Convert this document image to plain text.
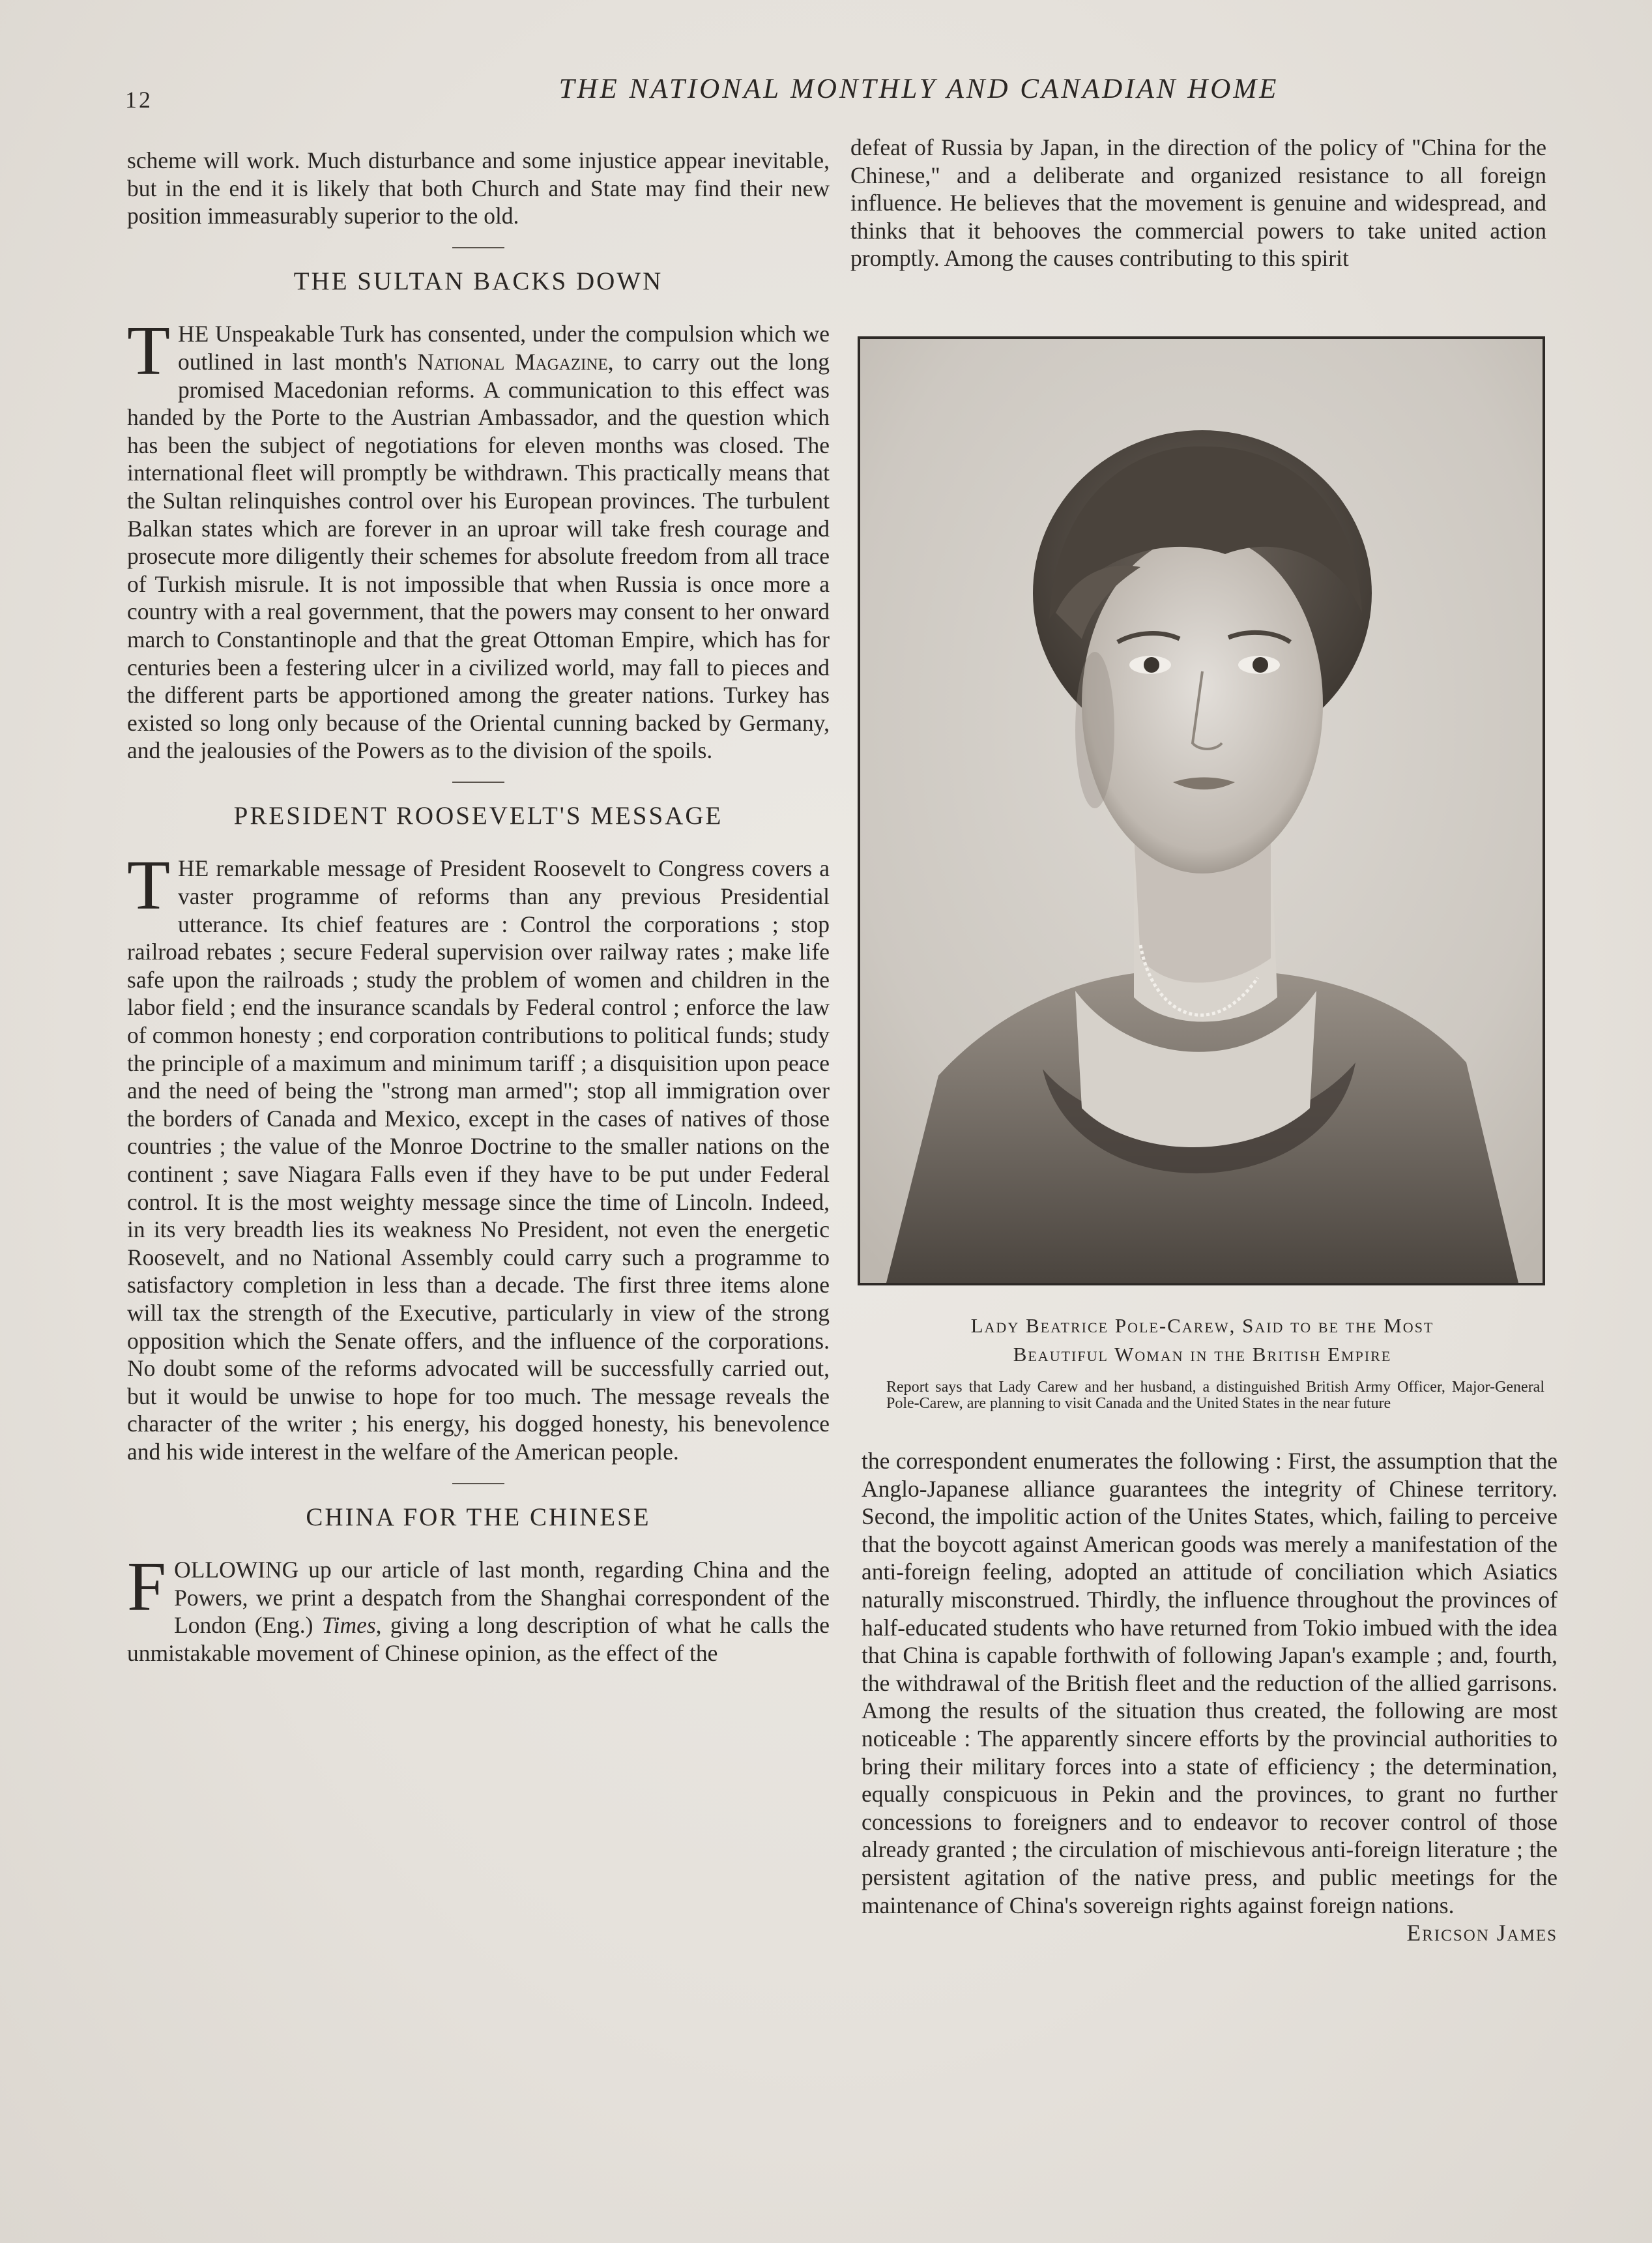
12	THE NATIONAL MONTHLY AND CANADIAN HOME

scheme will work. Much disturbance and some injustice appear inevitable, but in the end it is likely that both Church and State may find their new position immeasurably superior to the old.

THE SULTAN BACKS DOWN

THE Unspeakable Turk has consented, under the compulsion which we outlined in last month's National Magazine, to carry out the long promised Macedonian reforms. A communication to this effect was handed by the Porte to the Austrian Ambassador, and the question which has been the subject of negotiations for eleven months was closed. The international fleet will promptly be withdrawn. This practically means that the Sultan relinquishes control over his European provinces. The turbulent Balkan states which are forever in an uproar will take fresh courage and prosecute more diligently their schemes for absolute freedom from all trace of Turkish misrule. It is not impossible that when Russia is once more a country with a real government, that the powers may consent to her onward march to Constantinople and that the great Ottoman Empire, which has for centuries been a festering ulcer in a civilized world, may fall to pieces and the different parts be apportioned among the greater nations. Turkey has existed so long only because of the Oriental cunning backed by Germany, and the jealousies of the Powers as to the division of the spoils.

PRESIDENT ROOSEVELT'S MESSAGE

THE remarkable message of President Roosevelt to Congress covers a vaster programme of reforms than any previous Presidential utterance. Its chief features are : Control the corporations ; stop railroad rebates ; secure Federal supervision over railway rates ; make life safe upon the railroads ; study the problem of women and children in the labor field ; end the insurance scandals by Federal control ; enforce the law of common honesty ; end corporation contributions to political funds; study the principle of a maximum and minimum tariff ; a disquisition upon peace and the need of being the "strong man armed"; stop all immigration over the borders of Canada and Mexico, except in the cases of natives of those countries ; the value of the Monroe Doctrine to the smaller nations on the continent ; save Niagara Falls even if they have to be put under Federal control. It is the most weighty message since the time of Lincoln. Indeed, in its very breadth lies its weakness No President, not even the energetic Roosevelt, and no National Assembly could carry such a programme to satisfactory completion in less than a decade. The first three items alone will tax the strength of the Executive, particularly in view of the strong opposition which the Senate offers, and the influence of the corporations. No doubt some of the reforms advocated will be successfully carried out, but it would be unwise to hope for too much. The message reveals the character of the writer ; his energy, his dogged honesty, his benevolence and his wide interest in the welfare of the American people.

CHINA FOR THE CHINESE

FOLLOWING up our article of last month, regarding China and the Powers, we print a despatch from the Shanghai correspondent of the London (Eng.) Times, giving a long description of what he calls the unmistakable movement of Chinese opinion, as the effect of the

defeat of Russia by Japan, in the direction of the policy of "China for the Chinese," and a deliberate and organized resistance to all foreign influence. He believes that the movement is genuine and widespread, and thinks that it behooves the commercial powers to take united action promptly. Among the causes contributing to this spirit

Lady Beatrice Pole-Carew, Said to be the Most
Beautiful Woman in the British Empire
Report says that Lady Carew and her husband, a distinguished British Army Officer, Major-General Pole-Carew, are planning to visit Canada and the United States in the near future

the correspondent enumerates the following : First, the assumption that the Anglo-Japanese alliance guarantees the integrity of Chinese territory. Second, the impolitic action of the Unites States, which, failing to perceive that the boycott against American goods was merely a manifestation of the anti-foreign feeling, adopted an attitude of conciliation which Asiatics naturally misconstrued. Thirdly, the influence throughout the provinces of half-educated students who have returned from Tokio imbued with the idea that China is capable forthwith of following Japan's example ; and, fourth, the withdrawal of the British fleet and the reduction of the allied garrisons. Among the results of the situation thus created, the following are most noticeable : The apparently sincere efforts by the provincial authorities to bring their military forces into a state of efficiency ; the determination, equally conspicuous in Pekin and the provinces, to grant no further concessions to foreigners and to endeavor to recover control of those already granted ; the circulation of mischievous anti-foreign literature ; the persistent agitation of the native press, and public meetings for the maintenance of China's sovereign rights against foreign nations.

Ericson James
